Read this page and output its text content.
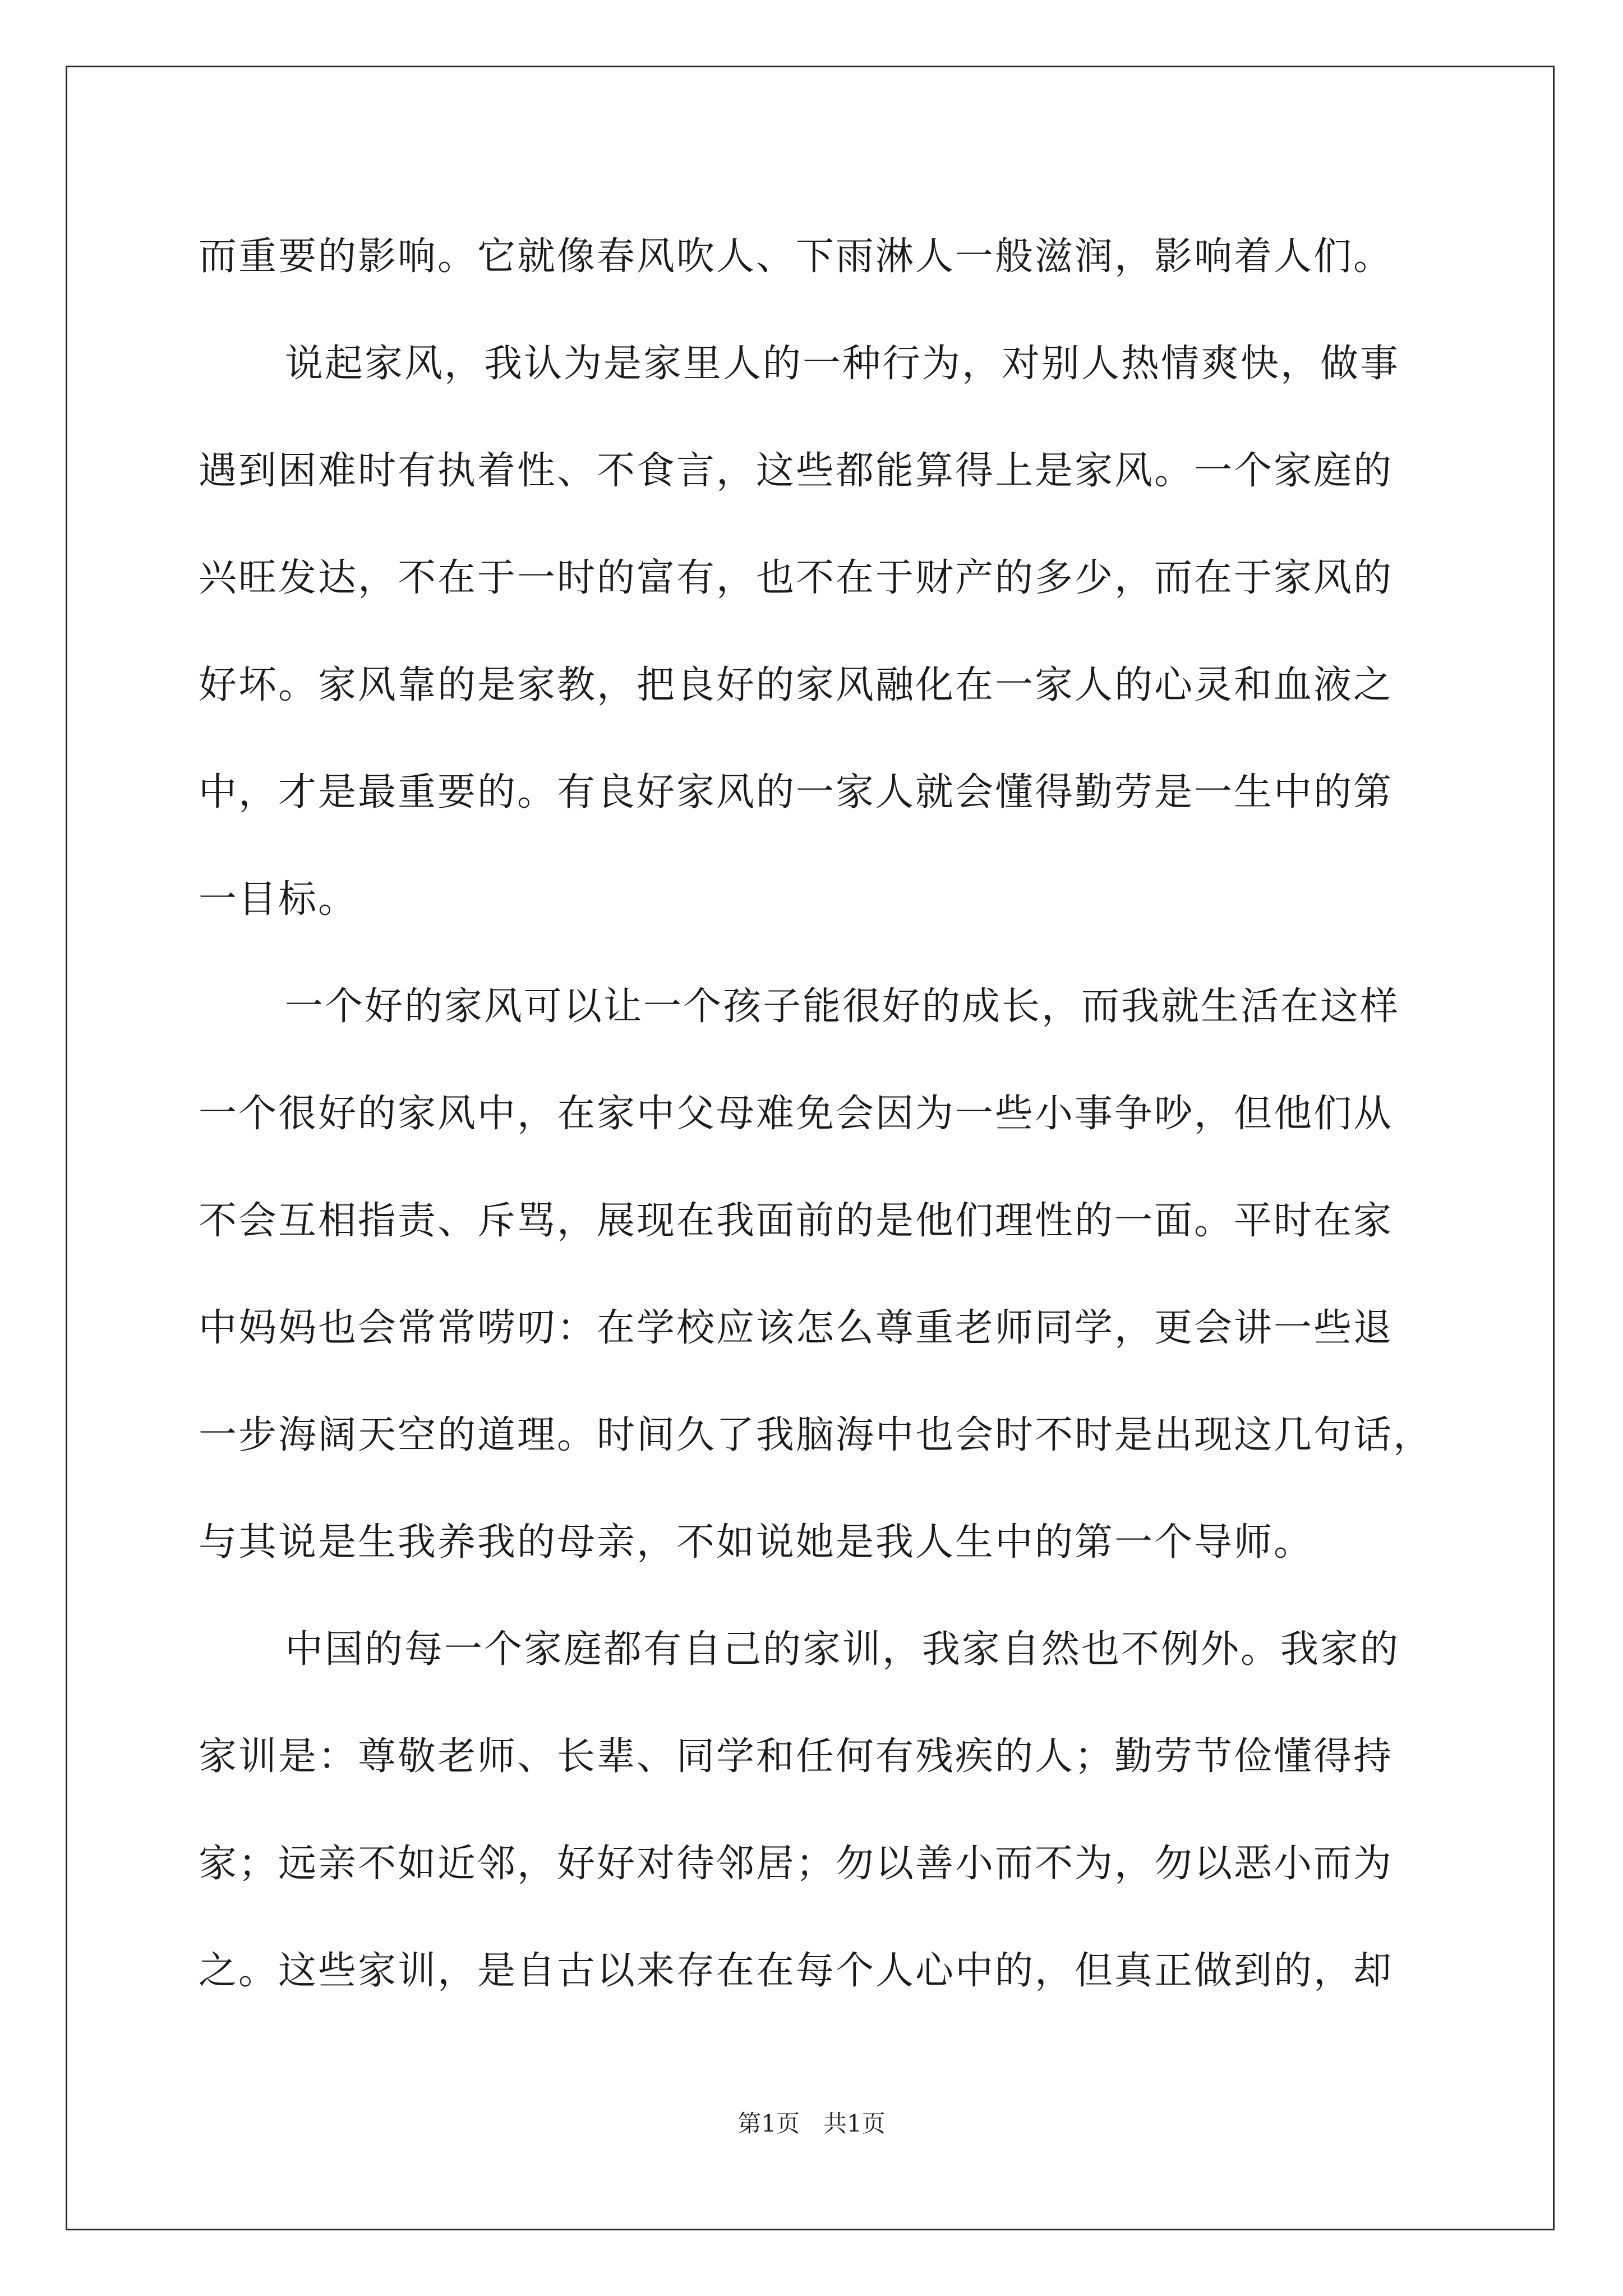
而重要的影响。它就像春风吹人、下雨淋人一般滋润，影响着人们。
说起家风，我认为是家里人的一种行为，对别人热情爽快，做事
遇到困难时有执着性、不食言，这些都能算得上是家风。一个家庭的
兴旺发达，不在于一时的富有，也不在于财产的多少，而在于家风的
好坏。家风靠的是家教，把良好的家风融化在一家人的心灵和血液之
中，才是最重要的。有良好家风的一家人就会懂得勤劳是一生中的第
一目标。
一个好的家风可以让一个孩子能很好的成长，而我就生活在这样
一个很好的家风中，在家中父母难免会因为一些小事争吵，但他们从
不会互相指责、斥骂，展现在我面前的是他们理性的一面。平时在家
中妈妈也会常常唠叨：在学校应该怎么尊重老师同学，更会讲一些退
一步海阔天空的道理。时间久了我脑海中也会时不时是出现这几句话，
与其说是生我养我的母亲，不如说她是我人生中的第一个导师。
中国的每一个家庭都有自己的家训，我家自然也不例外。我家的
家训是：尊敬老师、长辈、同学和任何有残疾的人；勤劳节俭懂得持
家；远亲不如近邻，好好对待邻居；勿以善小而不为，勿以恶小而为
之。这些家训，是自古以来存在在每个人心中的，但真正做到的，却
第1页　共1页
